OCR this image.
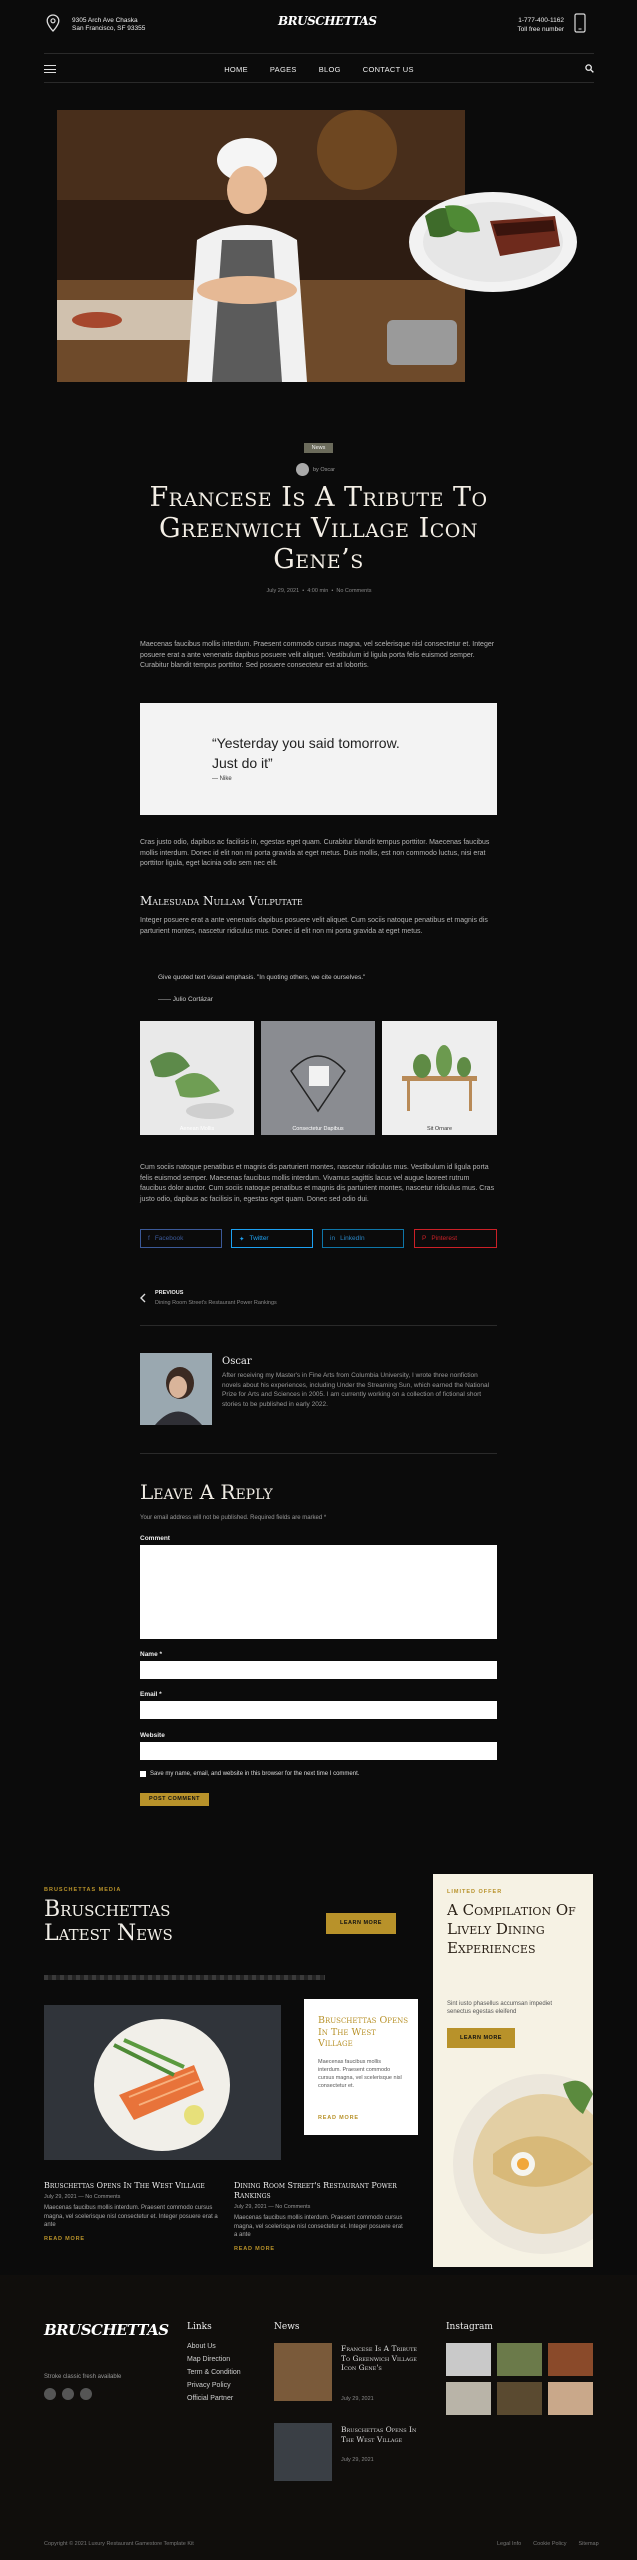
9305 Arch Ave Chaska
San Francisco, SF 93355
BRUSCHETTAS	1-777-400-1162
Toll free number
HOME	PAGES	BLOG	CONTACT US
News
by Oscar
Francese Is A Tribute To Greenwich Village Icon Gene’s
July 29, 2021  •  4:00 min  •  No Comments
Maecenas faucibus mollis interdum. Praesent commodo cursus magna, vel scelerisque nisl consectetur et. Integer posuere erat a ante venenatis dapibus posuere velit aliquet. Vestibulum id ligula porta felis euismod semper. Curabitur blandit tempus porttitor. Sed posuere consectetur est at lobortis.
“Yesterday you said tomorrow. Just do it”
— Nike
Cras justo odio, dapibus ac facilisis in, egestas eget quam. Curabitur blandit tempus porttitor. Maecenas faucibus mollis interdum. Donec id elit non mi porta gravida at eget metus. Duis mollis, est non commodo luctus, nisi erat porttitor ligula, eget lacinia odio sem nec elit.
Malesuada Nullam Vulputate
Integer posuere erat a ante venenatis dapibus posuere velit aliquet. Cum sociis natoque penatibus et magnis dis parturient montes, nascetur ridiculus mus. Donec id elit non mi porta gravida at eget metus.
Give quoted text visual emphasis. "In quoting others, we cite ourselves."
—— Julio Cortázar
Aenean Mollis	Consectetur Dapibus	Sit Ornare
Cum sociis natoque penatibus et magnis dis parturient montes, nascetur ridiculus mus. Vestibulum id ligula porta felis euismod semper. Maecenas faucibus mollis interdum. Vivamus sagittis lacus vel augue laoreet rutrum faucibus dolor auctor. Cum sociis natoque penatibus et magnis dis parturient montes, nascetur ridiculus mus. Cras justo odio, dapibus ac facilisis in, egestas eget quam. Donec sed odio dui.
f Facebook	✦ Twitter	in LinkedIn	P Pinterest
PREVIOUS
Dining Room Street's Restaurant Power Rankings
Oscar
After receiving my Master's in Fine Arts from Columbia University, I wrote three nonfiction novels about his experiences, including Under the Streaming Sun, which earned the National Prize for Arts and Sciences in 2005. I am currently working on a collection of fictional short stories to be published in early 2022.
Leave A Reply
Your email address will not be published. Required fields are marked *
Comment
Name *
Email *
Website
Save my name, email, and website in this browser for the next time I comment.
POST COMMENT
BRUSCHETTAS MEDIA
Bruschettas Latest News	LEARN MORE
Bruschettas Opens In The West Village
Maecenas faucibus mollis interdum. Praesent commodo cursus magna, vel scelerisque nisl consectetur et.
READ MORE
Bruschettas Opens In The West Village
July 29, 2021 — No Comments
Maecenas faucibus mollis interdum. Praesent commodo cursus magna, vel scelerisque nisl consectetur et. Integer posuere erat a ante
READ MORE
Dining Room Street's Restaurant Power Rankings
July 29, 2021 — No Comments
Maecenas faucibus mollis interdum. Praesent commodo cursus magna, vel scelerisque nisl consectetur et. Integer posuere erat a ante
READ MORE
LIMITED OFFER
A Compilation Of Lively Dining Experiences
Sint iusto phasellus accumsan impediet senectus egestas eleifend
LEARN MORE
BRUSCHETTAS
Stroke classic fresh available
Links
About Us
Map Direction
Term & Condition
Privacy Policy
Official Partner
News
Francese Is A Tribute To Greenwich Village Icon Gene's
July 29, 2021
Bruschettas Opens In The West Village
July 29, 2021
Instagram
Copyright © 2021 Luxury Restaurant Gamestore Template Kit	Legal Info Cookie Policy Sitemap
